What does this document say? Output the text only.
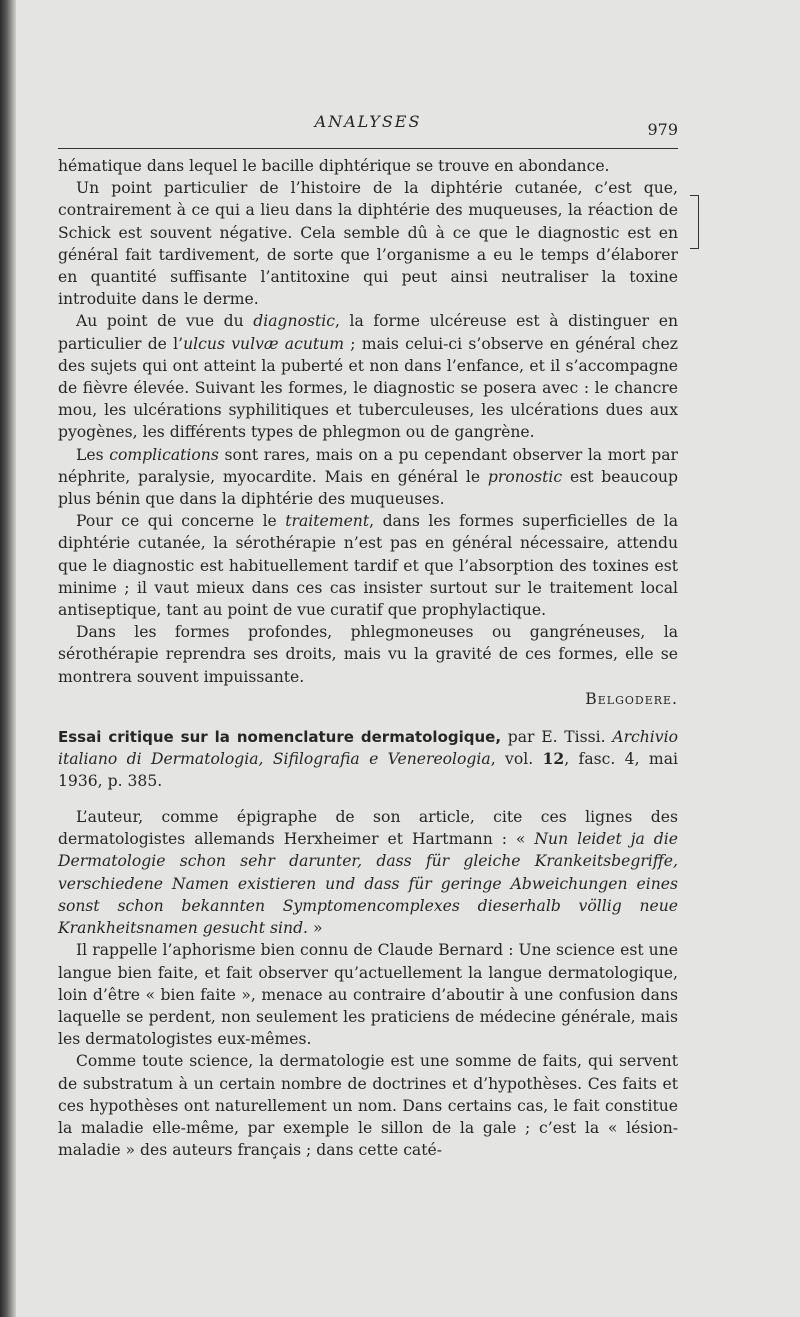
ANALYSES	979

hématique dans lequel le bacille diphtérique se trouve en abondance.

Un point particulier de l’histoire de la diphtérie cutanée, c’est que, contrairement à ce qui a lieu dans la diphtérie des muqueuses, la réaction de Schick est souvent négative. Cela semble dû à ce que le diagnostic est en général fait tardivement, de sorte que l’organisme a eu le temps d’élaborer en quantité suffisante l’antitoxine qui peut ainsi neutraliser la toxine introduite dans le derme.

Au point de vue du diagnostic, la forme ulcéreuse est à distinguer en particulier de l’ulcus vulvæ acutum ; mais celui-ci s’observe en général chez des sujets qui ont atteint la puberté et non dans l’enfance, et il s’accompagne de fièvre élevée. Suivant les formes, le diagnostic se posera avec : le chancre mou, les ulcérations syphilitiques et tuberculeuses, les ulcérations dues aux pyogènes, les différents types de phlegmon ou de gangrène.

Les complications sont rares, mais on a pu cependant observer la mort par néphrite, paralysie, myocardite. Mais en général le pronostic est beaucoup plus bénin que dans la diphtérie des muqueuses.

Pour ce qui concerne le traitement, dans les formes superficielles de la diphtérie cutanée, la sérothérapie n’est pas en général nécessaire, attendu que le diagnostic est habituellement tardif et que l’absorption des toxines est minime ; il vaut mieux dans ces cas insister surtout sur le traitement local antiseptique, tant au point de vue curatif que prophylactique.

Dans les formes profondes, phlegmoneuses ou gangréneuses, la sérothérapie reprendra ses droits, mais vu la gravité de ces formes, elle se montrera souvent impuissante.

Belgodere.

Essai critique sur la nomenclature dermatologique, par E. Tissi. Archivio italiano di Dermatologia, Sifilografia e Venereologia, vol. 12, fasc. 4, mai 1936, p. 385.

L’auteur, comme épigraphe de son article, cite ces lignes des dermatologistes allemands Herxheimer et Hartmann : « Nun leidet ja die Dermatologie schon sehr darunter, dass für gleiche Krankeitsbegriffe, verschiedene Namen existieren und dass für geringe Abweichungen eines sonst schon bekannten Symptomencomplexes dieserhalb völlig neue Krankheitsnamen gesucht sind. »

Il rappelle l’aphorisme bien connu de Claude Bernard : Une science est une langue bien faite, et fait observer qu’actuellement la langue dermatologique, loin d’être « bien faite », menace au contraire d’aboutir à une confusion dans laquelle se perdent, non seulement les praticiens de médecine générale, mais les dermatologistes eux-mêmes.

Comme toute science, la dermatologie est une somme de faits, qui servent de substratum à un certain nombre de doctrines et d’hypothèses. Ces faits et ces hypothèses ont naturellement un nom. Dans certains cas, le fait constitue la maladie elle-même, par exemple le sillon de la gale ; c’est la « lésion-maladie » des auteurs français ; dans cette caté-
